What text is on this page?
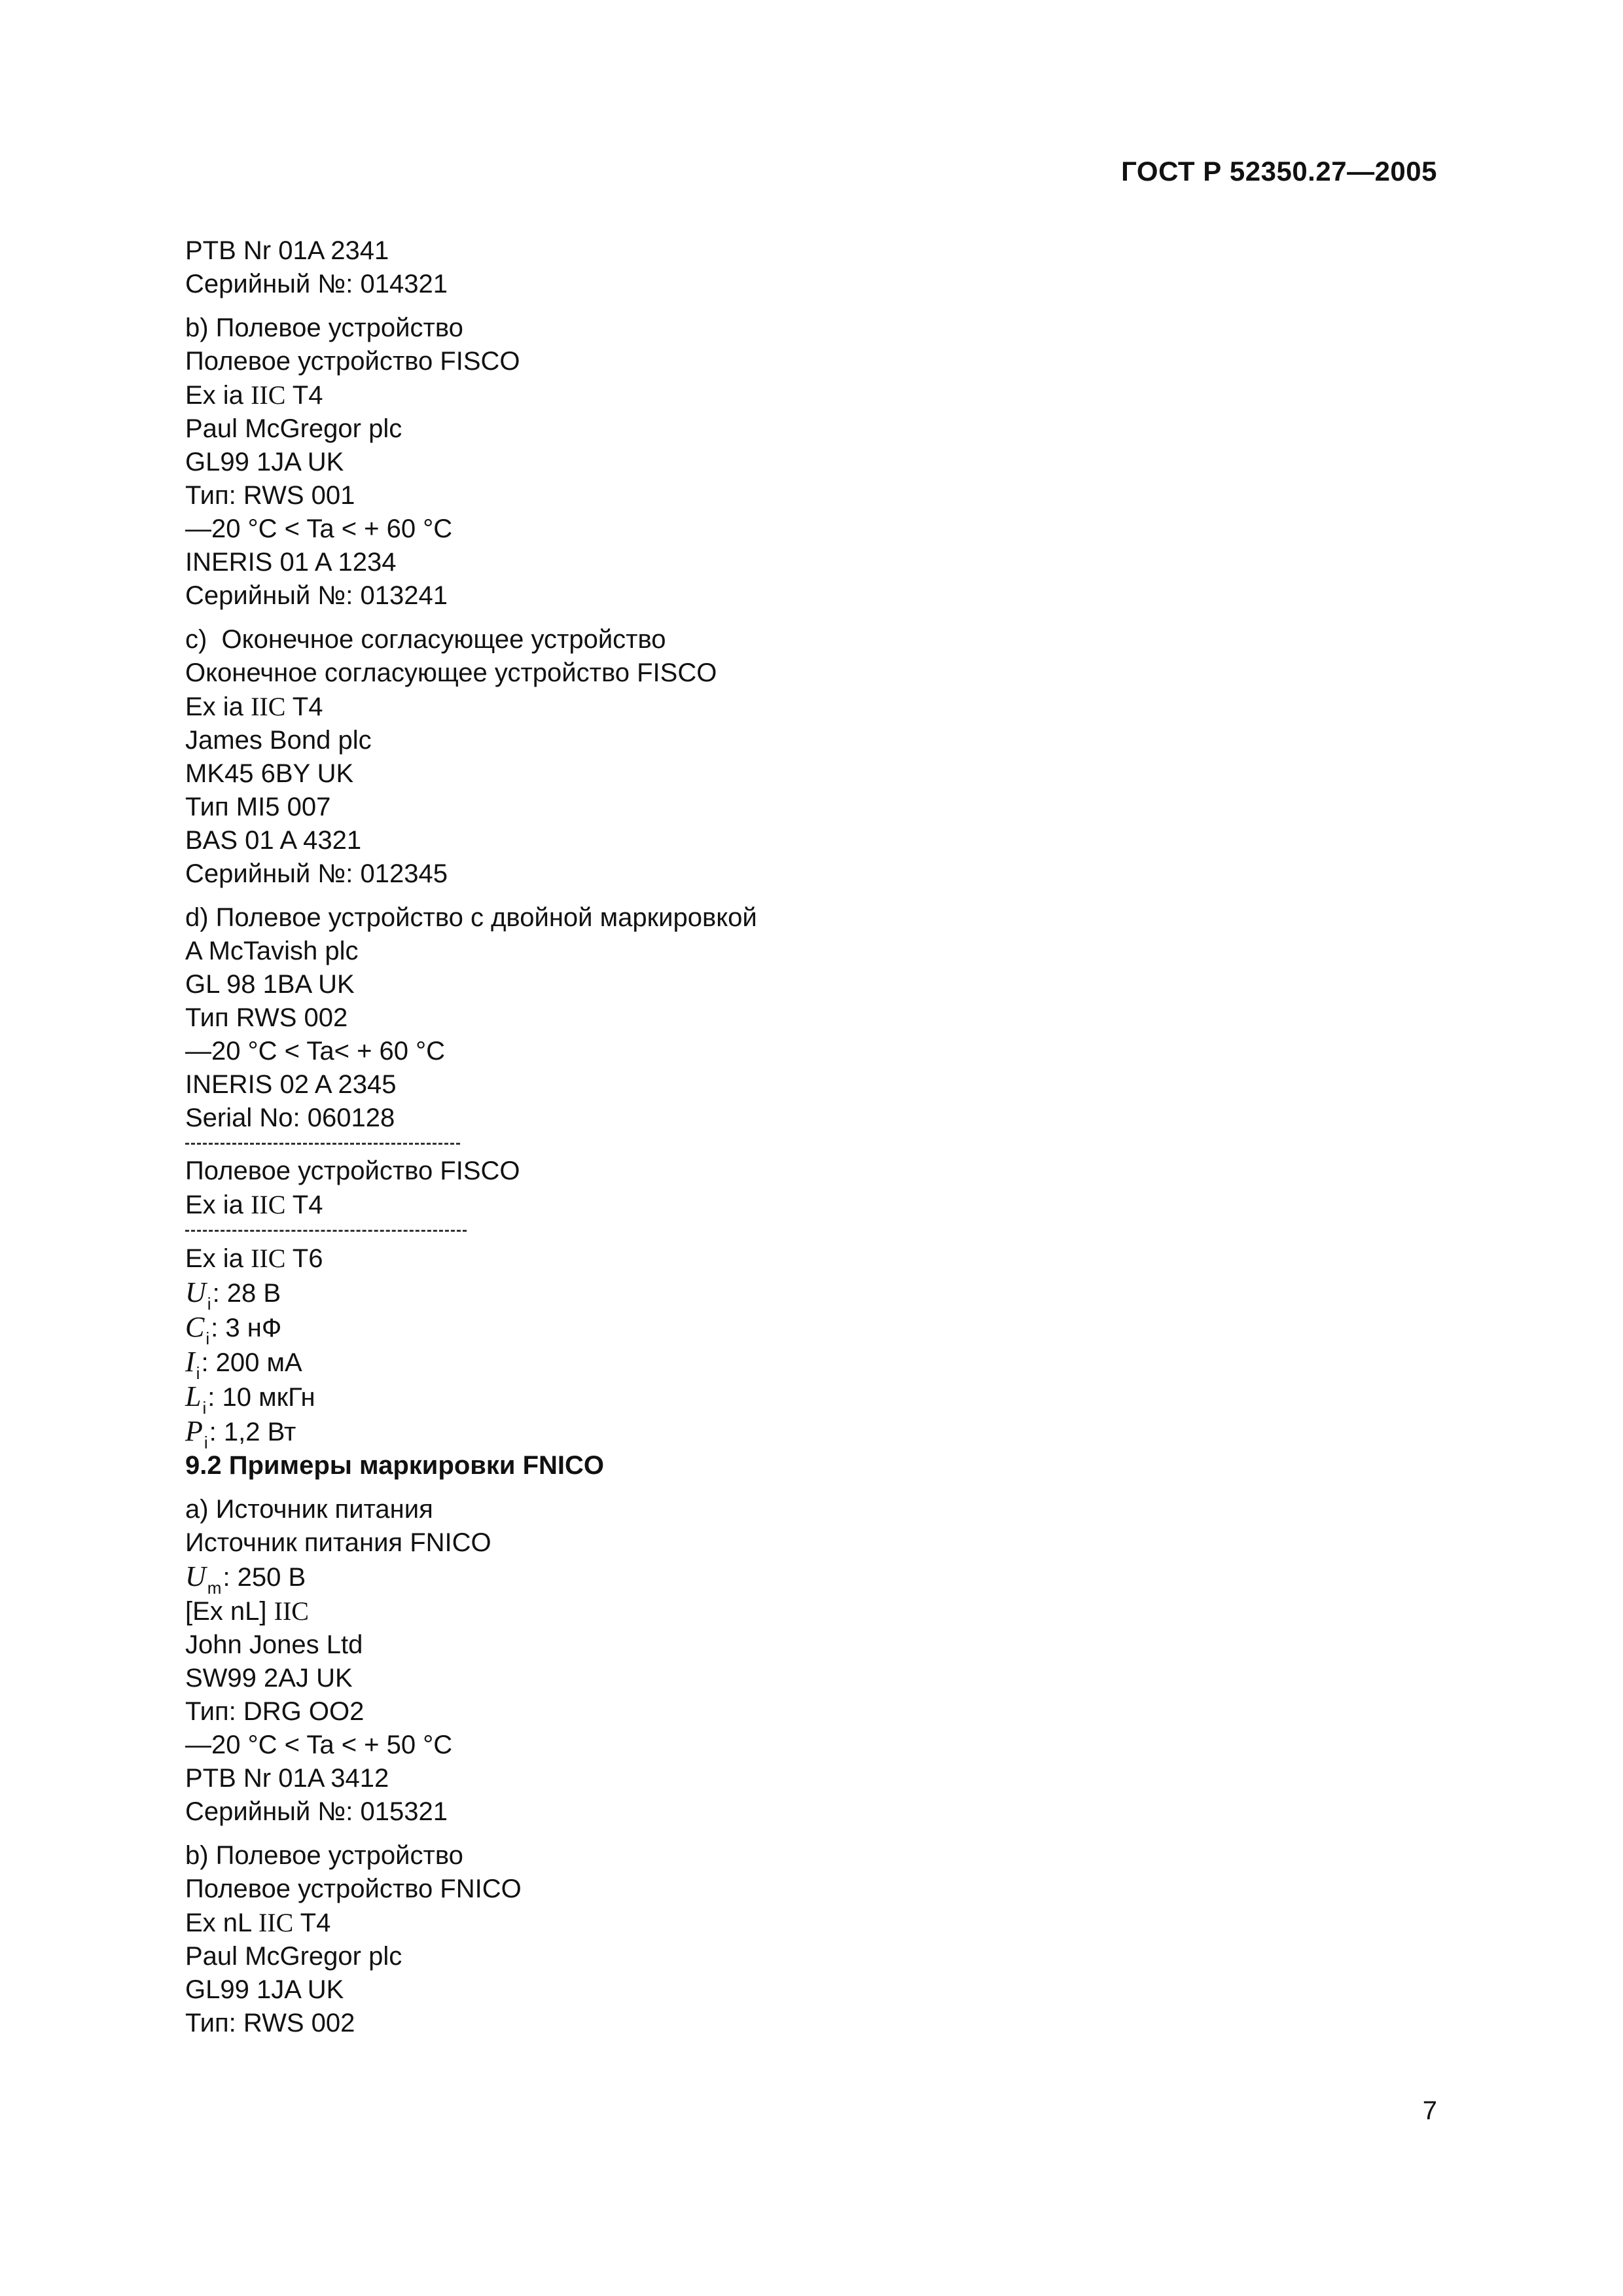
ГОСТ Р 52350.27—2005
PTB Nr 01A 2341
Серийный №: 014321
b) Полевое устройство
Полевое устройство FISCO
Ex ia IIC T4
Paul McGregor plc
GL99 1JA UK
Тип: RWS 001
—20 °C < Ta < + 60 °C
INERIS 01 A 1234
Серийный №: 013241
c)  Оконечное согласующее устройство
Оконечное согласующее устройство FISCO
Ex ia IIC T4
James Bond plc
MK45 6BY UK
Тип MI5 007
BAS 01 A 4321
Серийный №: 012345
d) Полевое устройство с двойной маркировкой
A McTavish plc
GL 98 1BA UK
Тип RWS 002
—20 °C < Ta< + 60 °C
INERIS 02 A 2345
Serial No: 060128
Полевое устройство FISCO
Ex ia IIC T4
Ex ia IIC T6
$U_i$: 28 В
$C_i$: 3 нФ
$I_i$: 200 мА
$L_i$: 10 мкГн
$P_i$: 1,2 Вт
9.2 Примеры маркировки FNICO
a) Источник питания
Источник питания FNICO
$U_m$: 250 В
[Ex nL] IIC
John Jones Ltd
SW99 2AJ UK
Тип: DRG OO2
—20 °C < Ta < + 50 °C
PTB Nr 01A 3412
Серийный №: 015321
b) Полевое устройство
Полевое устройство FNICO
Ex nL IIC T4
Paul McGregor plc
GL99 1JA UK
Тип: RWS 002
7
